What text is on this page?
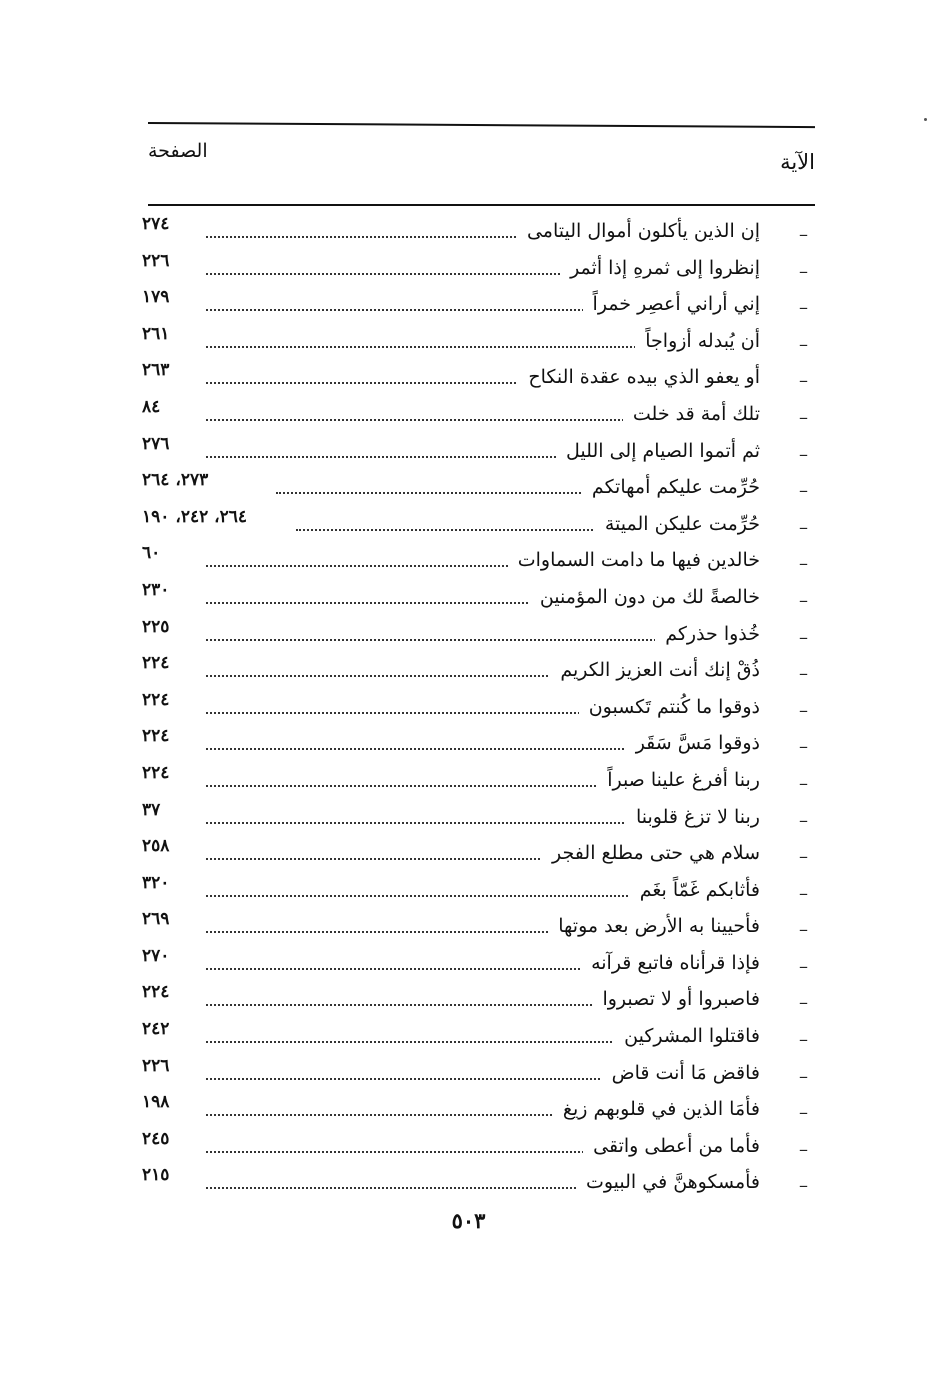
الآية
الصفحة
–
إن الذين يأكلون أموال اليتامى
٢٧٤
–
إنظروا إلى ثمرهِ إذا أثمر
٢٢٦
–
إني أراني أعصِر خمراً
١٧٩
–
أن يُبدله أزواجاً
٢٦١
–
أو يعفو الذي بيده عقدة النكاح
٢٦٣
–
تلك أمة قد خلت
٨٤
–
ثم أتموا الصيام إلى الليل
٢٧٦
–
حُرِّمت عليكم أمهاتكم
٢٧٣، ٢٦٤
–
حُرِّمت عليكن الميتة
٢٦٤، ٢٤٢، ١٩٠
–
خالدين فيها ما دامت السماوات
٦٠
–
خالصةً لك من دون المؤمنين
٢٣٠
–
خُذوا حذركم
٢٢٥
–
ذُقْ إنك أنت العزيز الكريم
٢٢٤
–
ذوقوا ما كُنتم تَكسبون
٢٢٤
–
ذوقوا مَسَّ سَقَر
٢٢٤
–
ربنا أفرغ علينا صبراً
٢٢٤
–
ربنا لا تزغ قلوبنا
٣٧
–
سلام هي حتى مطلع الفجر
٢٥٨
–
فأثابكم غَمّاً بغَم
٣٢٠
–
فأحيينا به الأرض بعد موتها
٢٦٩
–
فإذا قرأناه فاتبع قرآنه
٢٧٠
–
فاصبروا أو لا تصبروا
٢٢٤
–
فاقتلوا المشركين
٢٤٢
–
فاقض مَا أنت قاض
٢٢٦
–
فأمَا الذين في قلوبهم زيغ
١٩٨
–
فأما من أعطى واتقى
٢٤٥
–
فأمسكوهنَّ في البيوت
٢١٥
٥٠٣
